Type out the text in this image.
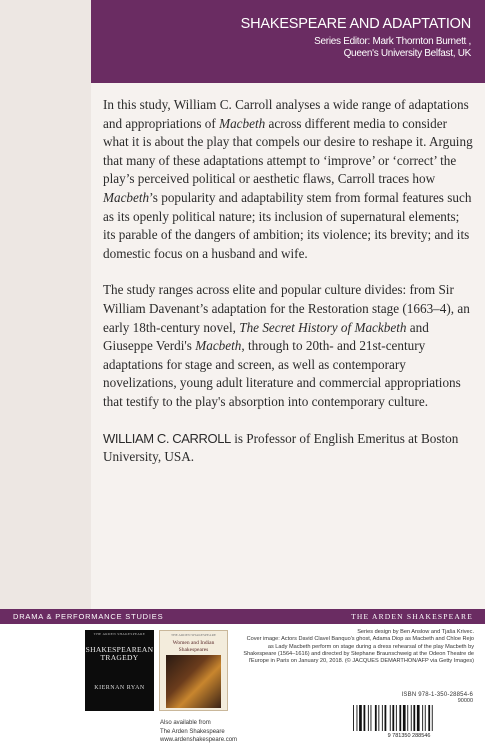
SHAKESPEARE AND ADAPTATION
Series Editor: Mark Thornton Burnett ,
Queen's University Belfast, UK

In this study, William C. Carroll analyses a wide range of adaptations and appropriations of Macbeth across different media to consider what it is about the play that compels our desire to reshape it. Arguing that many of these adaptations attempt to ‘improve’ or ‘correct’ the play’s perceived political or aesthetic flaws, Carroll traces how Macbeth’s popularity and adaptability stem from formal features such as its openly political nature; its inclusion of supernatural elements; its parable of the dangers of ambition; its violence; its brevity; and its domestic focus on a husband and wife.

The study ranges across elite and popular culture divides: from Sir William Davenant’s adaptation for the Restoration stage (1663–4), an early 18th-century novel, The Secret History of Mackbeth and Giuseppe Verdi's Macbeth, through to 20th- and 21st-century adaptations for stage and screen, as well as contemporary novelizations, young adult literature and commercial appropriations that testify to the play's absorption into contemporary culture.

WILLIAM C. CARROLL is Professor of English Emeritus at Boston University, USA.

DRAMA & PERFORMANCE STUDIES	THE ARDEN SHAKESPEARE
THE ARDEN SHAKESPEARE
SHAKESPEAREAN TRAGEDY
KIERNAN RYAN
THE ARDEN SHAKESPEARE
Women and Indian Shakespeares
Also available from
The Arden Shakespeare
www.ardenshakespeare.com
Series design by Ben Anslow and Tjaša Krivec.
Cover image: Actors David Clavel Banquo's ghost, Adama Diop as Macbeth and Chloe Rejo as Lady Macbeth perform on stage during a dress rehearsal of the play Macbeth by Shakespeare (1564–1616) and directed by Stephane Braunschweig at the Odeon Theatre de l'Europe in Paris on January 20, 2018. (© JACQUES DEMARTHON/AFP via Getty Images)
ISBN 978-1-350-28854-6
90000
9 781350 288546
